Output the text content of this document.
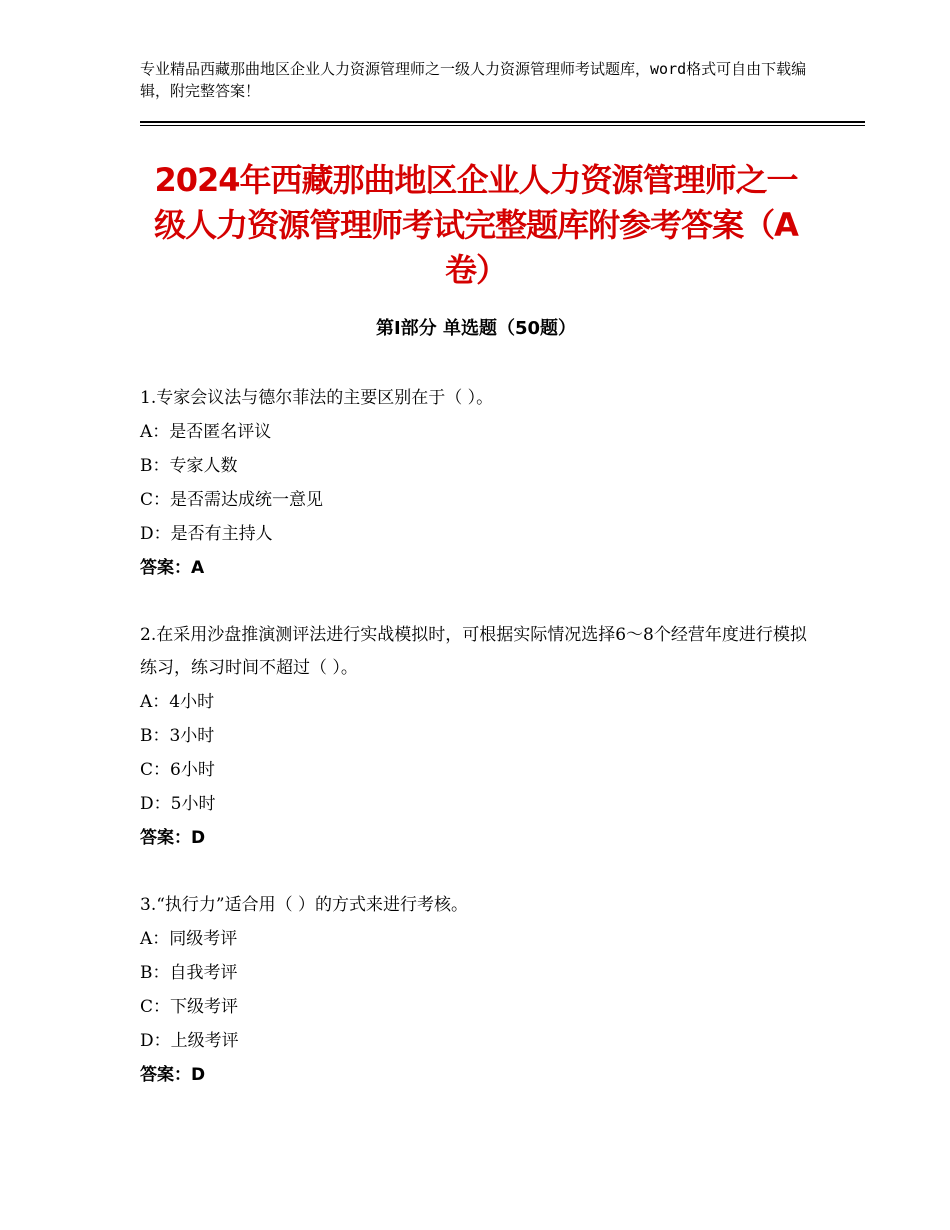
专业精品西藏那曲地区企业人力资源管理师之一级人力资源管理师考试题库，word格式可自由下载编辑，附完整答案！
2024年西藏那曲地区企业人力资源管理师之一级人力资源管理师考试完整题库附参考答案（A卷）
第I部分 单选题（50题）
1.专家会议法与德尔菲法的主要区别在于（ ）。
A：是否匿名评议
B：专家人数
C：是否需达成统一意见
D：是否有主持人
答案：A
2.在采用沙盘推演测评法进行实战模拟时，可根据实际情况选择6～8个经营年度进行模拟练习，练习时间不超过（ ）。
A：4小时
B：3小时
C：6小时
D：5小时
答案：D
3.“执行力”适合用（ ）的方式来进行考核。
A：同级考评
B：自我考评
C：下级考评
D：上级考评
答案：D
